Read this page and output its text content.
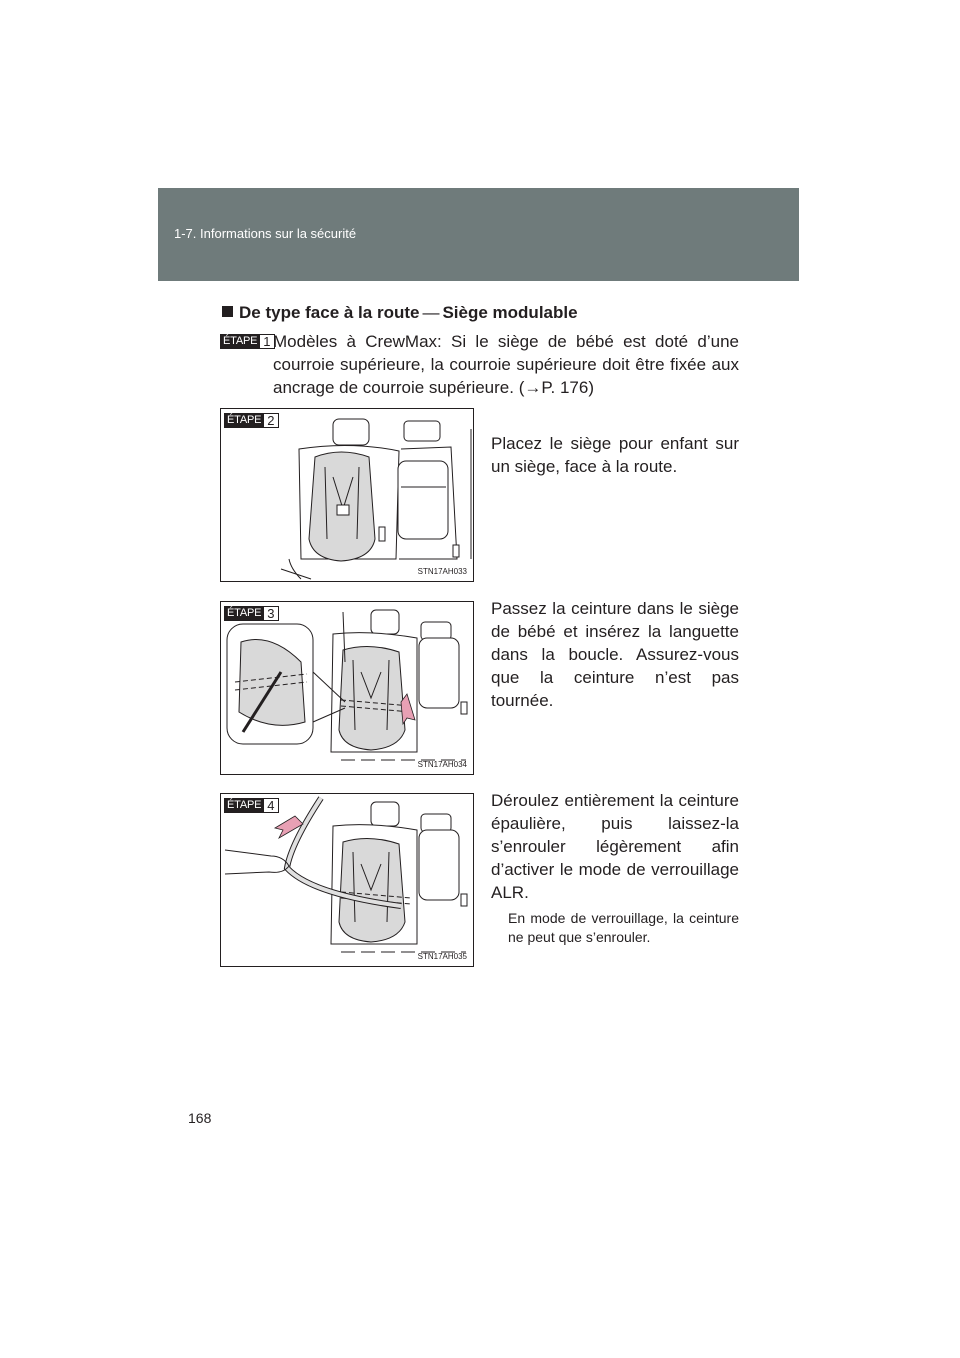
1-7. Informations sur la sécurité
De type face à la route — Siège modulable
ÉTAPE 1 Modèles à CrewMax: Si le siège de bébé est doté d’une courroie supérieure, la courroie supérieure doit être fixée aux ancrage de courroie supérieure. (→P. 176)
ÉTAPE 2
STN17AH033
Placez le siège pour enfant sur un siège, face à la route.
ÉTAPE 3
STN17AH034
Passez la ceinture dans le siège de bébé et insérez la languette dans la boucle. Assurez-vous que la ceinture n’est pas tournée.
ÉTAPE 4
STN17AH035
Déroulez entièrement la ceinture épaulière, puis laissez-la s’enrouler légèrement afin d’activer le mode de verrouillage ALR.
En mode de verrouillage, la ceinture ne peut que s’enrouler.
168
